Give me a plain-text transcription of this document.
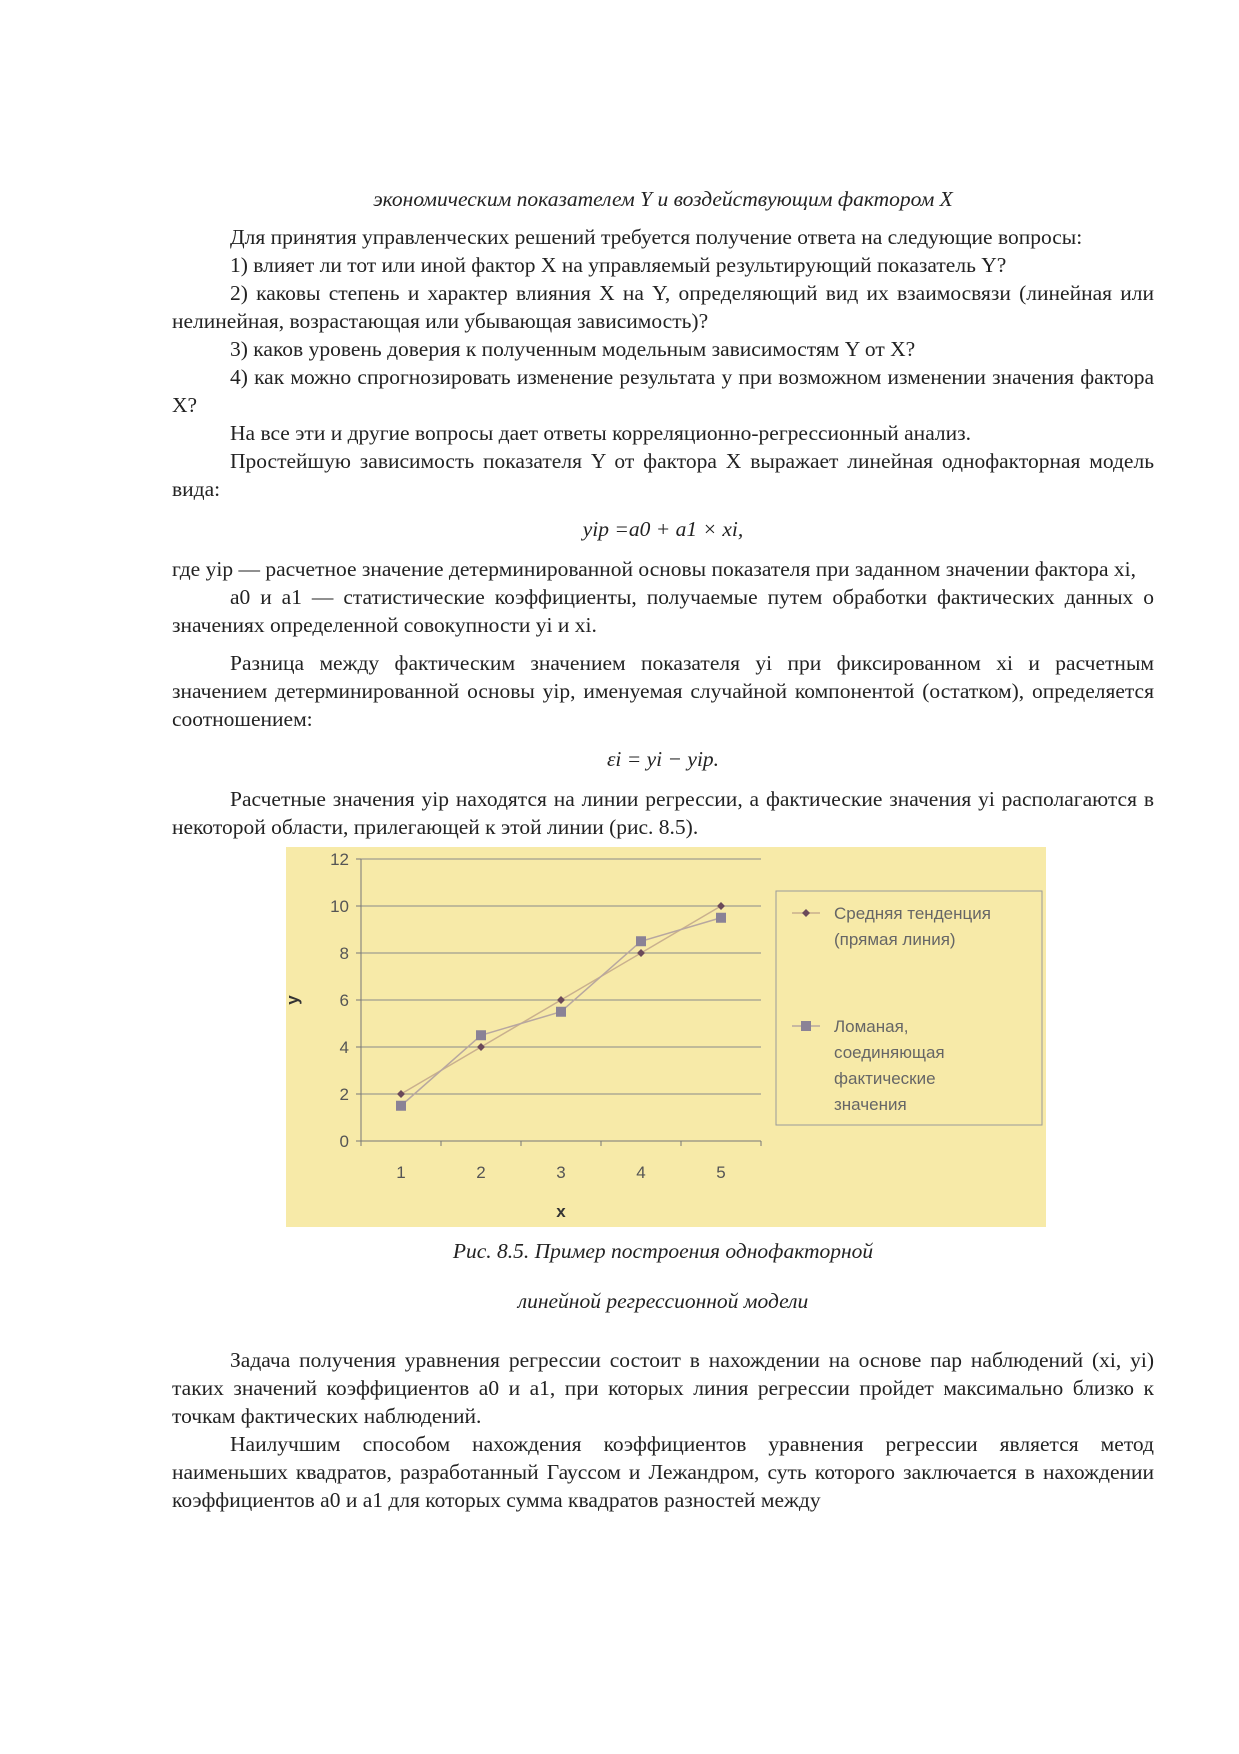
экономическим показателем Y и воздействующим фактором X

Для принятия управленческих решений требуется получение ответа на следующие вопросы:

1) влияет ли тот или иной фактор X на управляемый результирующий показатель Y?

2) каковы степень и характер влияния X на Y, определяющий вид их взаимосвязи (линейная или нелинейная, возрастающая или убывающая зависимость)?

3) каков уровень доверия к полученным модельным зависимостям Y от X?

4) как можно спрогнозировать изменение результата y при возможном изменении значения фактора X?

На все эти и другие вопросы дает ответы корреляционно-регрессионный анализ.

Простейшую зависимость показателя Y от фактора X выражает линейная однофакторная модель вида:

yip =a0 + a1 × xi,

где yip — расчетное значение детерминированной основы показателя при заданном значении фактора xi,

a0 и a1 — статистические коэффициенты, получаемые путем обработки фактических данных о значениях определенной совокупности yi и xi.

Разница между фактическим значением показателя yi при фиксированном xi и расчетным значением детерминированной основы yip, именуемая случайной компонентой (остатком), определяется соотношением:

εi = yi − yip.

Расчетные значения yip находятся на линии регрессии, а фактические значения yi располагаются в некоторой области, прилегающей к этой линии (рис. 8.5).

0
2
4
6
8
10
12
1	2	3	4	5
x
y
Средняя тенденция
(прямая линия)
Ломаная,
соединяющая
фактические
значения

Рис. 8.5. Пример построения однофакторной

линейной регрессионной модели

Задача получения уравнения регрессии состоит в нахождении на основе пар наблюдений (xi, yi) таких значений коэффициентов a0 и a1, при которых линия регрессии пройдет максимально близко к точкам фактических наблюдений.

Наилучшим способом нахождения коэффициентов уравнения регрессии является метод наименьших квадратов, разработанный Гауссом и Лежандром, суть которого заключается в нахождении коэффициентов a0 и a1 для которых сумма квадратов разностей между
